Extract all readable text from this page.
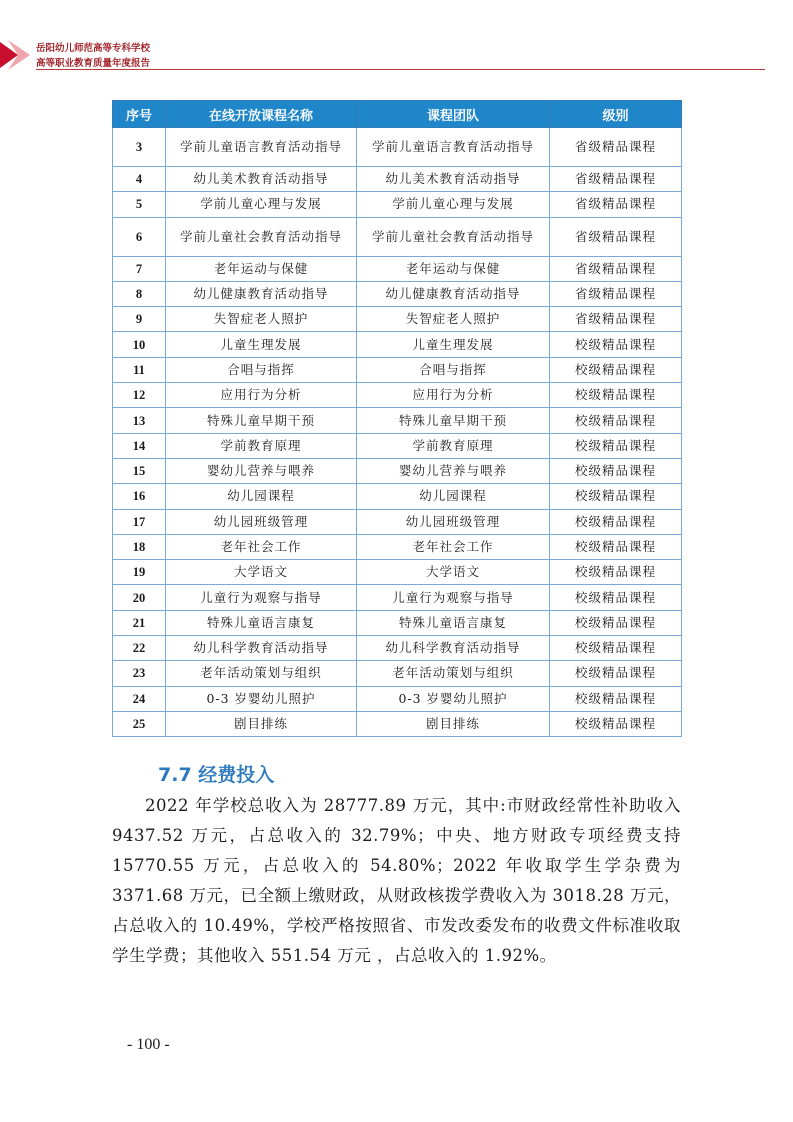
岳阳幼儿师范高等专科学校
高等职业教育质量年度报告
序号	在线开放课程名称	课程团队	级别
3	学前儿童语言教育活动指导	学前儿童语言教育活动指导	省级精品课程
4	幼儿美术教育活动指导	幼儿美术教育活动指导	省级精品课程
5	学前儿童心理与发展	学前儿童心理与发展	省级精品课程
6	学前儿童社会教育活动指导	学前儿童社会教育活动指导	省级精品课程
7	老年运动与保健	老年运动与保健	省级精品课程
8	幼儿健康教育活动指导	幼儿健康教育活动指导	省级精品课程
9	失智症老人照护	失智症老人照护	省级精品课程
10	儿童生理发展	儿童生理发展	校级精品课程
11	合唱与指挥	合唱与指挥	校级精品课程
12	应用行为分析	应用行为分析	校级精品课程
13	特殊儿童早期干预	特殊儿童早期干预	校级精品课程
14	学前教育原理	学前教育原理	校级精品课程
15	婴幼儿营养与喂养	婴幼儿营养与喂养	校级精品课程
16	幼儿园课程	幼儿园课程	校级精品课程
17	幼儿园班级管理	幼儿园班级管理	校级精品课程
18	老年社会工作	老年社会工作	校级精品课程
19	大学语文	大学语文	校级精品课程
20	儿童行为观察与指导	儿童行为观察与指导	校级精品课程
21	特殊儿童语言康复	特殊儿童语言康复	校级精品课程
22	幼儿科学教育活动指导	幼儿科学教育活动指导	校级精品课程
23	老年活动策划与组织	老年活动策划与组织	校级精品课程
24	0-3 岁婴幼儿照护	0-3 岁婴幼儿照护	校级精品课程
25	剧目排练	剧目排练	校级精品课程
7.7 经费投入

2022 年学校总收入为 28777.89 万元，其中:市财政经常性补助收入 9437.52 万元，占总收入的 32.79%；中央、地方财政专项经费支持 15770.55 万元，占总收入的 54.80%；2022 年收取学生学杂费为 3371.68 万元，已全额上缴财政，从财政核拨学费收入为 3018.28 万元，占总收入的 10.49%，学校严格按照省、市发改委发布的收费文件标准收取学生学费；其他收入 551.54 万元 ，占总收入的 1.92%。

- 100 -
